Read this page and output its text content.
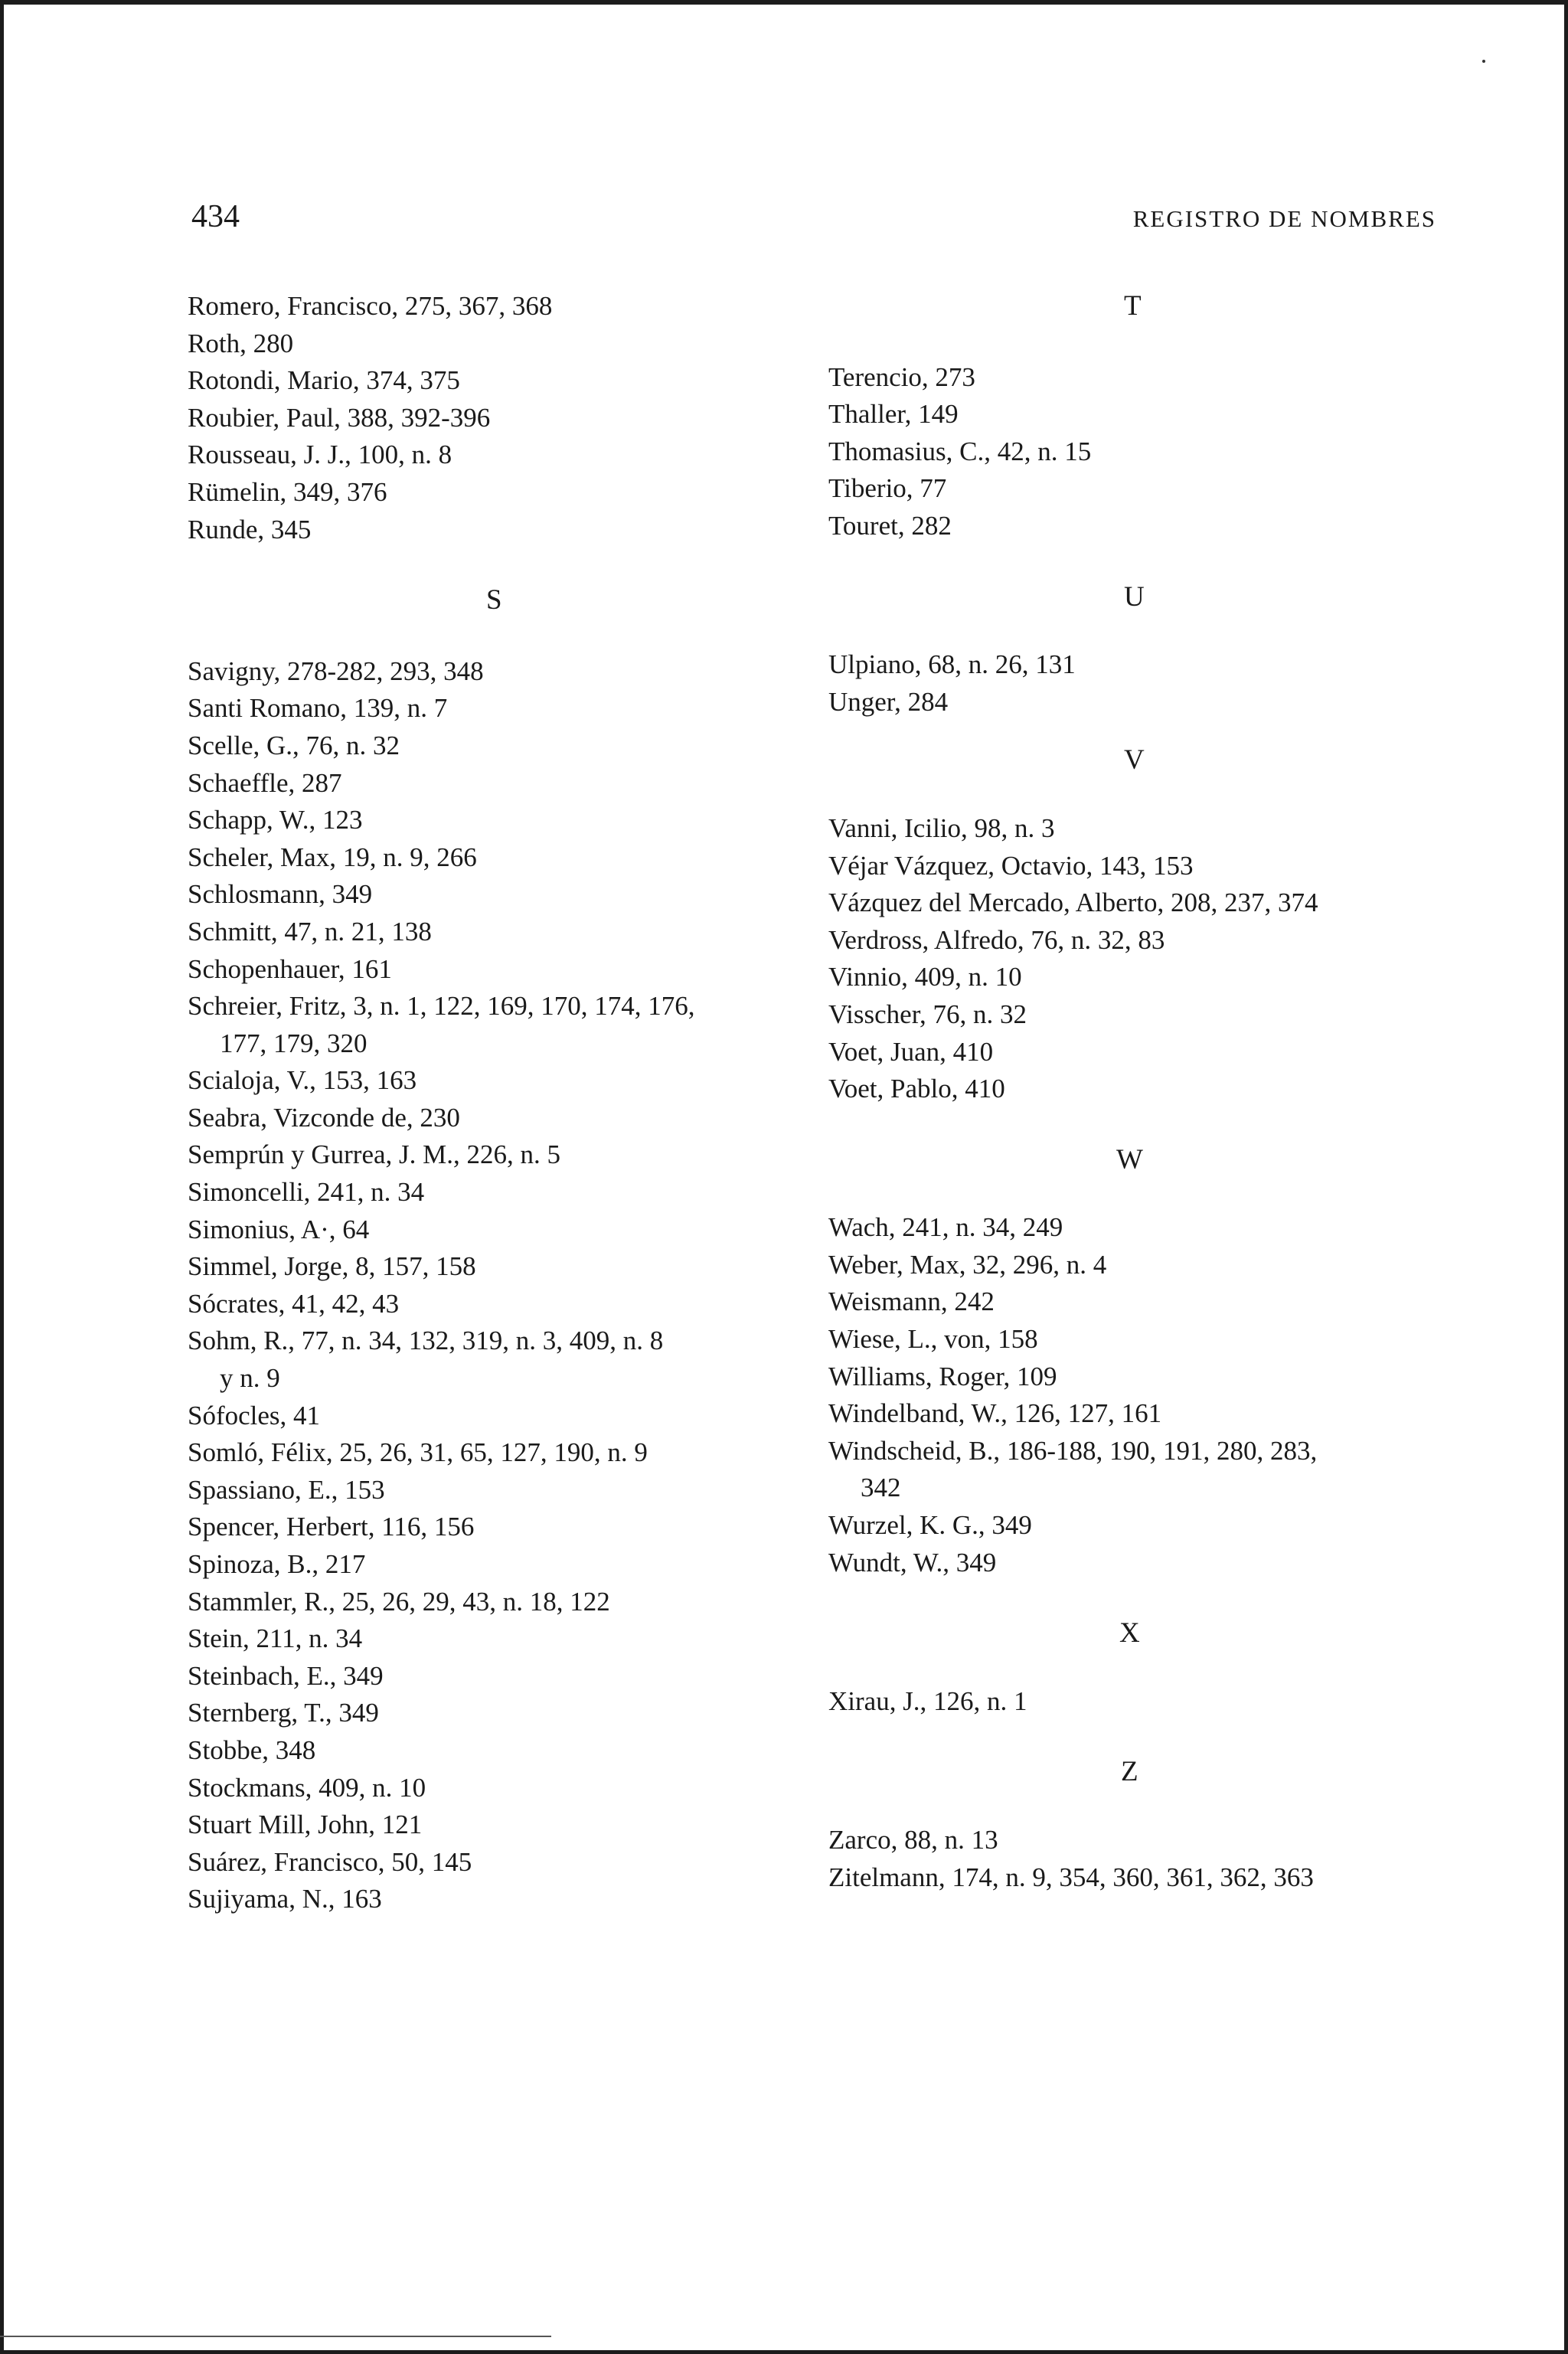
434	REGISTRO DE NOMBRES

Romero, Francisco, 275, 367, 368

Roth, 280

Rotondi, Mario, 374, 375

Roubier, Paul, 388, 392-396

Rousseau, J. J., 100, n. 8

Rümelin, 349, 376

Runde, 345

S

Savigny, 278-282, 293, 348

Santi Romano, 139, n. 7

Scelle, G., 76, n. 32

Schaeffle, 287

Schapp, W., 123

Scheler, Max, 19, n. 9, 266

Schlosmann, 349

Schmitt, 47, n. 21, 138

Schopenhauer, 161

Schreier, Fritz, 3, n. 1, 122, 169, 170, 174, 176,

177, 179, 320

Scialoja, V., 153, 163

Seabra, Vizconde de, 230

Semprún y Gurrea, J. M., 226, n. 5

Simoncelli, 241, n. 34

Simonius, A·, 64

Simmel, Jorge, 8, 157, 158

Sócrates, 41, 42, 43

Sohm, R., 77, n. 34, 132, 319, n. 3, 409, n. 8

y n. 9

Sófocles, 41

Somló, Félix, 25, 26, 31, 65, 127, 190, n. 9

Spassiano, E., 153

Spencer, Herbert, 116, 156

Spinoza, B., 217

Stammler, R., 25, 26, 29, 43, n. 18, 122

Stein, 211, n. 34

Steinbach, E., 349

Sternberg, T., 349

Stobbe, 348

Stockmans, 409, n. 10

Stuart Mill, John, 121

Suárez, Francisco, 50, 145

Sujiyama, N., 163

T

Terencio, 273

Thaller, 149

Thomasius, C., 42, n. 15

Tiberio, 77

Touret, 282

U

Ulpiano, 68, n. 26, 131

Unger, 284

V

Vanni, Icilio, 98, n. 3

Véjar Vázquez, Octavio, 143, 153

Vázquez del Mercado, Alberto, 208, 237, 374

Verdross, Alfredo, 76, n. 32, 83

Vinnio, 409, n. 10

Visscher, 76, n. 32

Voet, Juan, 410

Voet, Pablo, 410

W

Wach, 241, n. 34, 249

Weber, Max, 32, 296, n. 4

Weismann, 242

Wiese, L., von, 158

Williams, Roger, 109

Windelband, W., 126, 127, 161

Windscheid, B., 186-188, 190, 191, 280, 283,

342

Wurzel, K. G., 349

Wundt, W., 349

X

Xirau, J., 126, n. 1

Z

Zarco, 88, n. 13

Zitelmann, 174, n. 9, 354, 360, 361, 362, 363
